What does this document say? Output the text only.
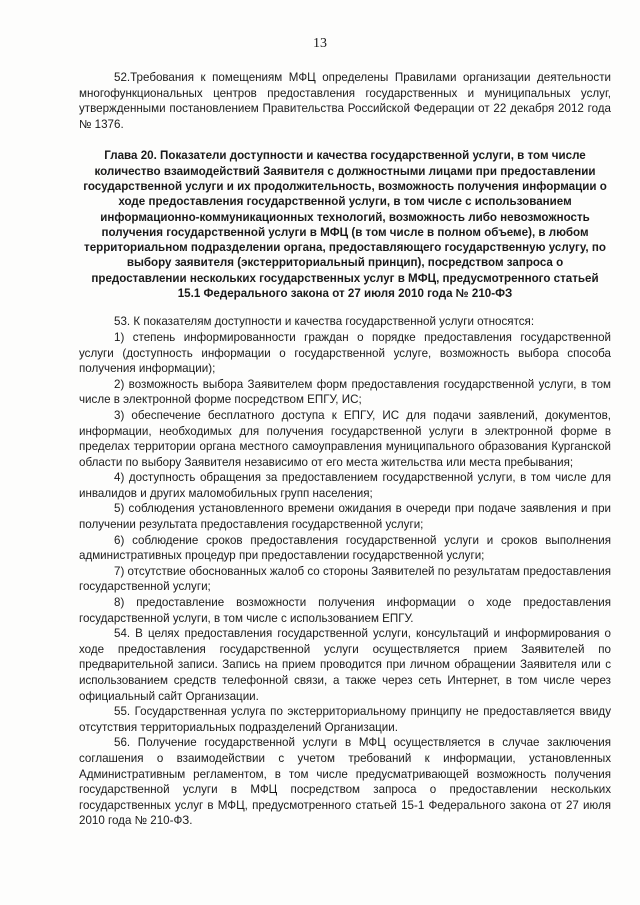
13

52.Требования к помещениям МФЦ определены Правилами организации деятельности многофункциональных центров предоставления государственных и муниципальных услуг, утвержденными постановлением Правительства Российской Федерации от 22 декабря 2012 года № 1376.

Глава 20. Показатели доступности и качества государственной услуги, в том числе количество взаимодействий Заявителя с должностными лицами при предоставлении государственной услуги и их продолжительность, возможность получения информации о ходе предоставления государственной услуги, в том числе с использованием информационно-коммуникационных технологий, возможность либо невозможность получения государственной услуги в МФЦ (в том числе в полном объеме), в любом территориальном подразделении органа, предоставляющего государственную услугу, по выбору заявителя (экстерриториальный принцип), посредством запроса о предоставлении нескольких государственных услуг в МФЦ, предусмотренного статьей 15.1 Федерального закона от 27 июля 2010 года № 210-ФЗ

53. К показателям доступности и качества государственной услуги относятся:

1) степень информированности граждан о порядке предоставления государственной услуги (доступность информации о государственной услуге, возможность выбора способа получения информации);

2) возможность выбора Заявителем форм предоставления государственной услуги, в том числе в электронной форме посредством ЕПГУ, ИС;

3) обеспечение бесплатного доступа к ЕПГУ, ИС для подачи заявлений, документов, информации, необходимых для получения государственной услуги в электронной форме в пределах территории органа местного самоуправления муниципального образования Курганской области по выбору Заявителя независимо от его места жительства или места пребывания;

4) доступность обращения за предоставлением государственной услуги, в том числе для инвалидов и других маломобильных групп населения;

5) соблюдения установленного времени ожидания в очереди при подаче заявления и при получении результата предоставления государственной услуги;

6) соблюдение сроков предоставления государственной услуги и сроков выполнения административных процедур при предоставлении государственной услуги;

7) отсутствие обоснованных жалоб со стороны Заявителей по результатам предоставления государственной услуги;

8) предоставление возможности получения информации о ходе предоставления государственной услуги, в том числе с использованием ЕПГУ.

54. В целях предоставления государственной услуги, консультаций и информирования о ходе предоставления государственной услуги осуществляется прием Заявителей по предварительной записи. Запись на прием проводится при личном обращении Заявителя или с использованием средств телефонной связи, а также через сеть Интернет, в том числе через официальный сайт Организации.

55. Государственная услуга по экстерриториальному принципу не предоставляется ввиду отсутствия территориальных подразделений Организации.

56. Получение государственной услуги в МФЦ осуществляется в случае заключения соглашения о взаимодействии с учетом требований к информации, установленных Административным регламентом, в том числе предусматривающей возможность получения государственной услуги в МФЦ посредством запроса о предоставлении нескольких государственных услуг в МФЦ, предусмотренного статьей 15-1 Федерального закона от 27 июля 2010 года № 210-ФЗ.
